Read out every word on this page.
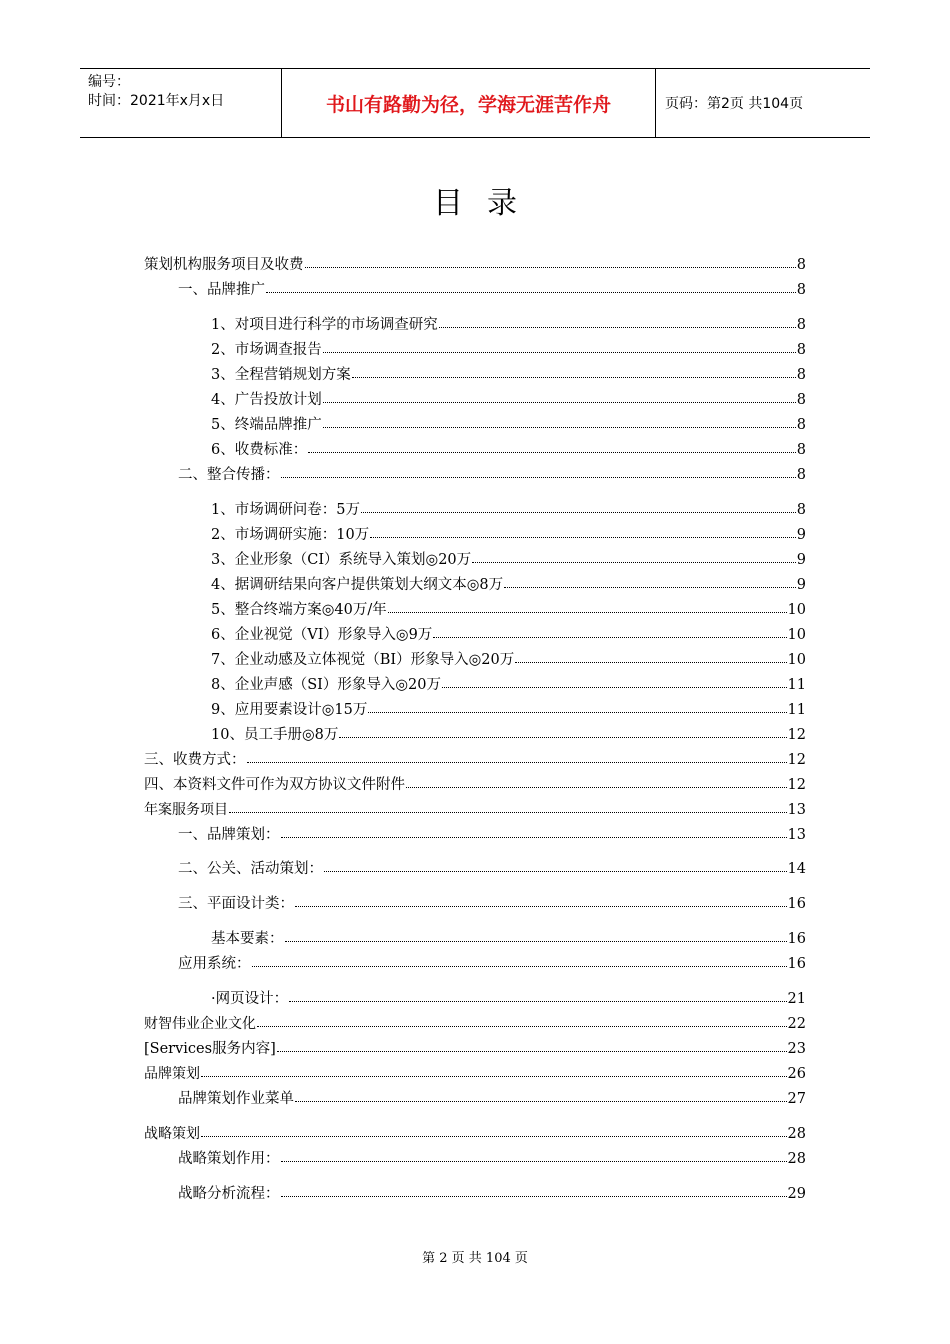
编号：
时间：2021年x月x日	书山有路勤为径，学海无涯苦作舟	页码：第2页 共104页
目录
策划机构服务项目及收费	8
一、品牌推广	8
1、对项目进行科学的市场调查研究	8
2、市场调查报告	8
3、全程营销规划方案	8
4、广告投放计划	8
5、终端品牌推广	8
6、收费标准：	8
二、整合传播：	8
1、市场调研问卷：5万	8
2、市场调研实施：10万	9
3、企业形象（CI）系统导入策划◎20万	9
4、据调研结果向客户提供策划大纲文本◎8万	9
5、整合终端方案◎40万/年	10
6、企业视觉（VI）形象导入◎9万	10
7、企业动感及立体视觉（BI）形象导入◎20万	10
8、企业声感（SI）形象导入◎20万	11
9、应用要素设计◎15万	11
10、员工手册◎8万	12
三、收费方式：	12
四、本资料文件可作为双方协议文件附件	12
年案服务项目	13
一、品牌策划：	13
二、公关、活动策划：	14
三、平面设计类：	16
基本要素：	16
应用系统：	16
·网页设计：	21
财智伟业企业文化	22
[Services服务内容]	23
品牌策划	26
品牌策划作业菜单	27
战略策划	28
战略策划作用：	28
战略分析流程：	29
第 2 页 共 104 页
